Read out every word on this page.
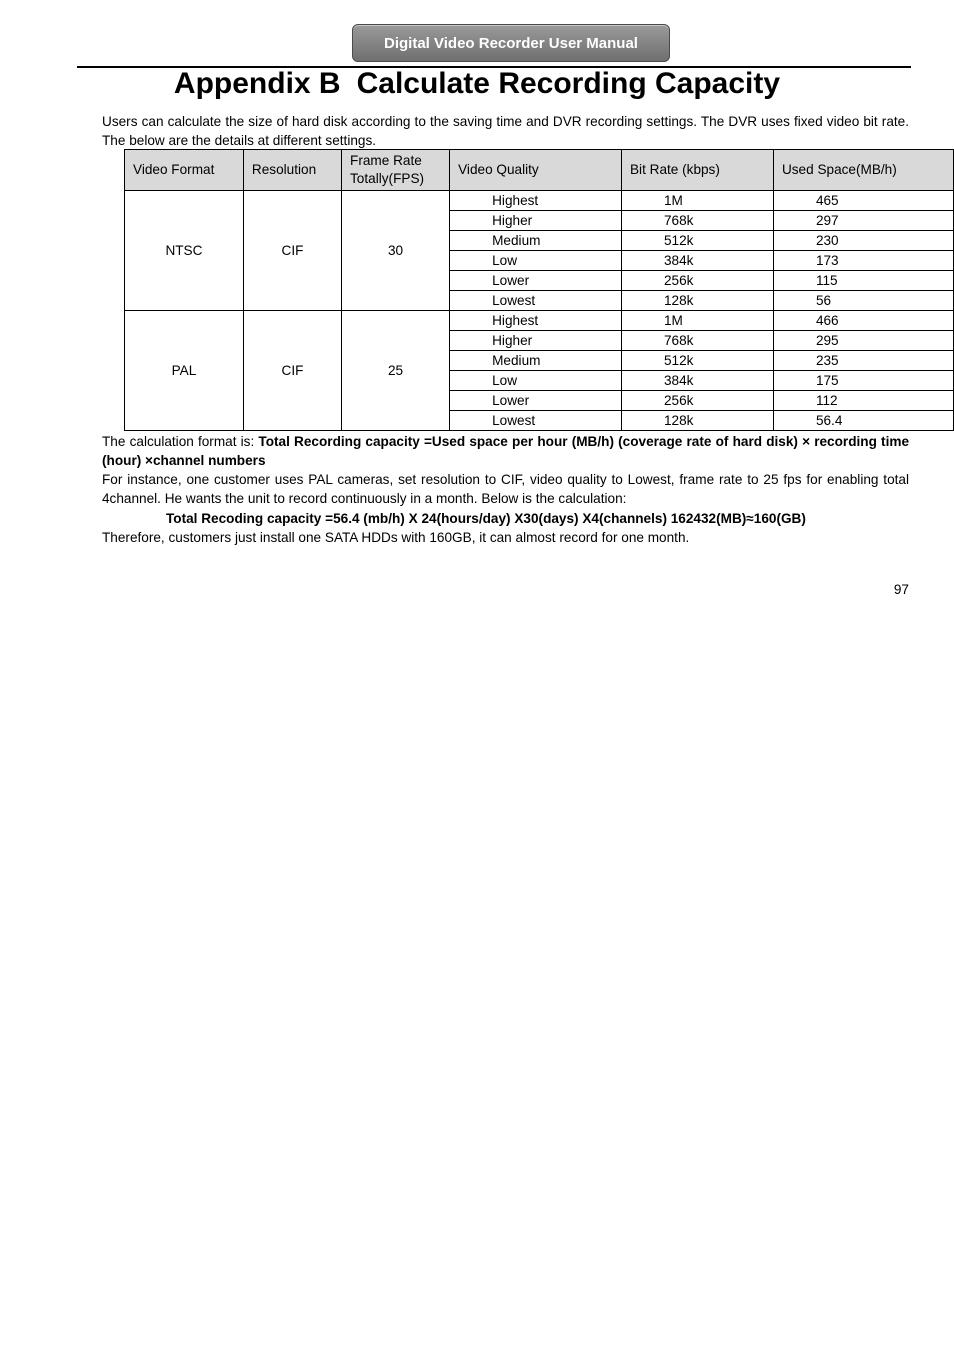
Digital Video Recorder User Manual
Appendix B Calculate Recording Capacity
Users can calculate the size of hard disk according to the saving time and DVR recording settings. The DVR uses fixed video bit rate. The below are the details at different settings.
Video Format	Resolution	Frame Rate Totally(FPS)	Video Quality	Bit Rate (kbps)	Used Space(MB/h)
NTSC	CIF	30	Highest	1M	465
			Higher	768k	297
			Medium	512k	230
			Low	384k	173
			Lower	256k	115
			Lowest	128k	56
PAL	CIF	25	Highest	1M	466
			Higher	768k	295
			Medium	512k	235
			Low	384k	175
			Lower	256k	112
			Lowest	128k	56.4
The calculation format is: Total Recording capacity =Used space per hour (MB/h) (coverage rate of hard disk) × recording time (hour) ×channel numbers
For instance, one customer uses PAL cameras, set resolution to CIF, video quality to Lowest, frame rate to 25 fps for enabling total 4channel. He wants the unit to record continuously in a month. Below is the calculation:
Total Recoding capacity =56.4 (mb/h) X 24(hours/day) X30(days) X4(channels) 162432(MB)≈160(GB)
Therefore, customers just install one SATA HDDs with 160GB, it can almost record for one month.
97
